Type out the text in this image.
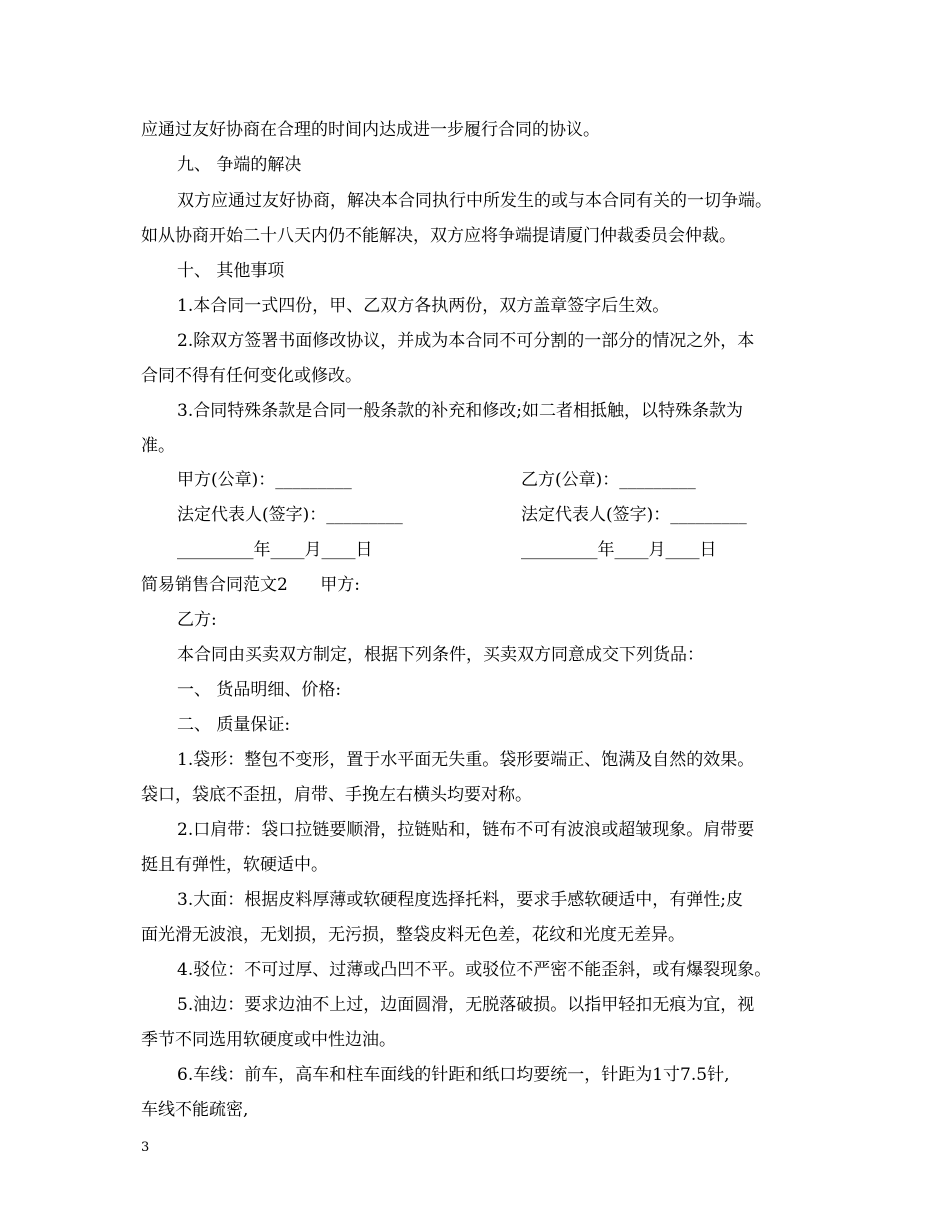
应通过友好协商在合理的时间内达成进一步履行合同的协议。
九、 争端的解决
双方应通过友好协商，解决本合同执行中所发生的或与本合同有关的一切争端。
如从协商开始二十八天内仍不能解决，双方应将争端提请厦门仲裁委员会仲裁。
十、 其他事项
1.本合同一式四份，甲、乙双方各执两份，双方盖章签字后生效。
2.除双方签署书面修改协议，并成为本合同不可分割的一部分的情况之外，本
合同不得有任何变化或修改。
3.合同特殊条款是合同一般条款的补充和修改;如二者相抵触，以特殊条款为
准。
甲方(公章)：_________	乙方(公章)：_________
法定代表人(签字)：_________	法定代表人(签字)：_________
_________年____月____日	_________年____月____日
简易销售合同范文2      甲方:
乙方:
本合同由买卖双方制定，根据下列条件，买卖双方同意成交下列货品：
一、 货品明细、价格:
二、 质量保证:
1.袋形：整包不变形，置于水平面无失重。袋形要端正、饱满及自然的效果。
袋口，袋底不歪扭，肩带、手挽左右横头均要对称。
2.口肩带：袋口拉链要顺滑，拉链贴和，链布不可有波浪或超皱现象。肩带要
挺且有弹性，软硬适中。
3.大面：根据皮料厚薄或软硬程度选择托料，要求手感软硬适中，有弹性;皮
面光滑无波浪，无划损，无污损，整袋皮料无色差，花纹和光度无差异。
4.驳位：不可过厚、过薄或凸凹不平。或驳位不严密不能歪斜，或有爆裂现象。
5.油边：要求边油不上过，边面圆滑，无脱落破损。以指甲轻扣无痕为宜，视
季节不同选用软硬度或中性边油。
6.车线：前车，高车和柱车面线的针距和纸口均要统一，针距为1寸7.5针,
车线不能疏密,
3
